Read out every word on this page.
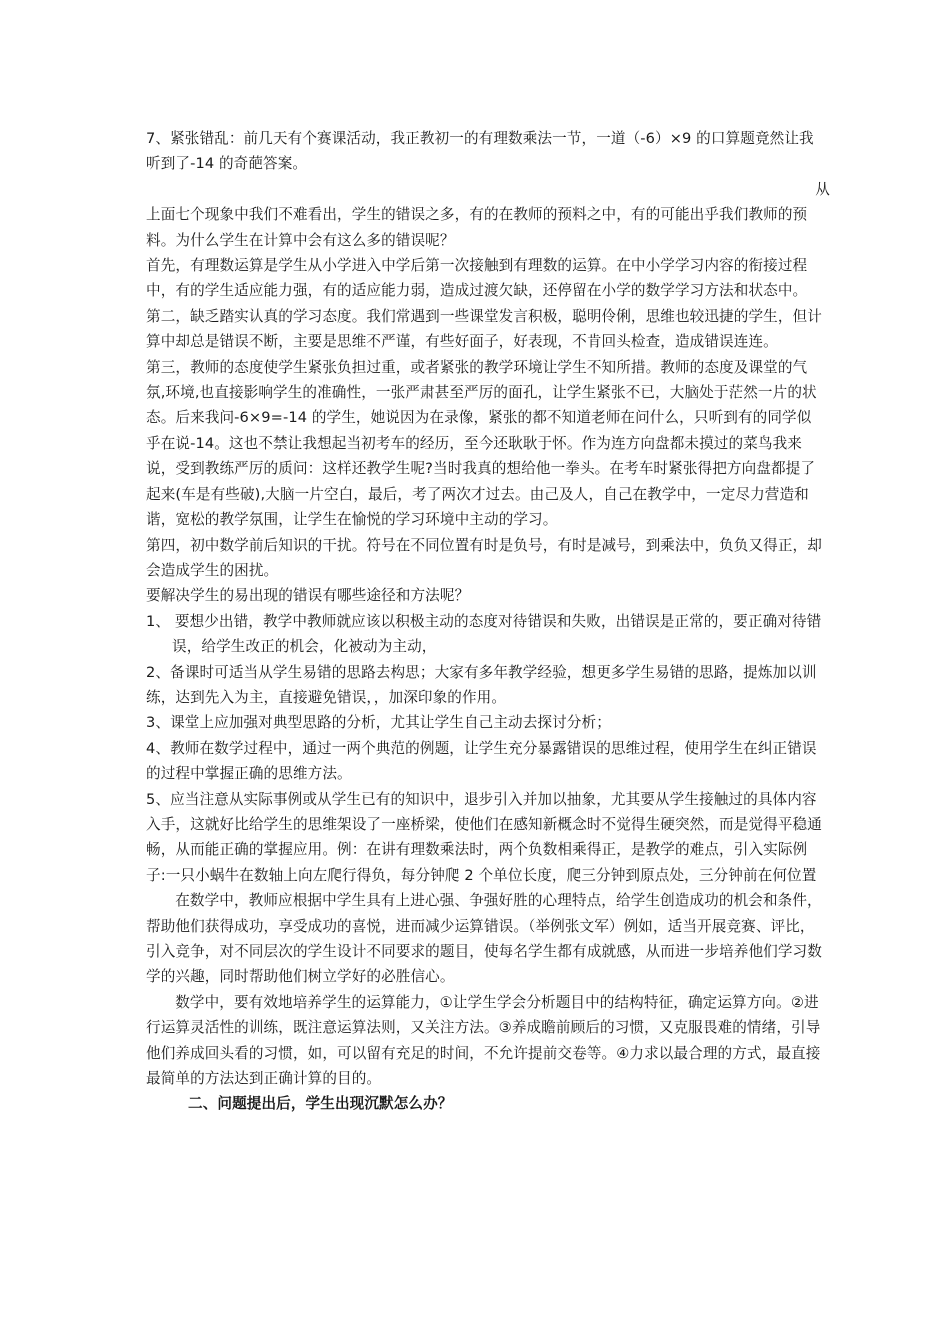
7、紧张错乱：前几天有个赛课活动，我正教初一的有理数乘法一节，一道（-6）×9 的口算题竟然让我听到了-14 的奇葩答案。

从

上面七个现象中我们不难看出，学生的错误之多，有的在教师的预料之中，有的可能出乎我们教师的预料。为什么学生在计算中会有这么多的错误呢？

首先，有理数运算是学生从小学进入中学后第一次接触到有理数的运算。在中小学学习内容的衔接过程中，有的学生适应能力强，有的适应能力弱，造成过渡欠缺，还停留在小学的数学学习方法和状态中。

第二，缺乏踏实认真的学习态度。我们常遇到一些课堂发言积极，聪明伶俐，思维也较迅捷的学生，但计算中却总是错误不断，主要是思维不严谨，有些好面子，好表现，不肯回头检查，造成错误连连。

第三，教师的态度使学生紧张负担过重，或者紧张的教学环境让学生不知所措。教师的态度及课堂的气氛,环境,也直接影响学生的准确性，一张严肃甚至严厉的面孔，让学生紧张不已，大脑处于茫然一片的状态。后来我问-6×9=-14 的学生，她说因为在录像，紧张的都不知道老师在问什么，只听到有的同学似乎在说-14。这也不禁让我想起当初考车的经历，至今还耿耿于怀。作为连方向盘都未摸过的菜鸟我来说，受到教练严厉的质问：这样还教学生呢?当时我真的想给他一拳头。在考车时紧张得把方向盘都提了起来(车是有些破),大脑一片空白，最后，考了两次才过去。由己及人，自己在教学中，一定尽力营造和谐，宽松的教学氛围，让学生在愉悦的学习环境中主动的学习。

第四，初中数学前后知识的干扰。符号在不同位置有时是负号，有时是减号，到乘法中，负负又得正，却会造成学生的困扰。

要解决学生的易出现的错误有哪些途径和方法呢？

1、 要想少出错，教学中教师就应该以积极主动的态度对待错误和失败，出错误是正常的，要正确对待错误，给学生改正的机会，化被动为主动，

2、备课时可适当从学生易错的思路去构思；大家有多年教学经验，想更多学生易错的思路，提炼加以训练，达到先入为主，直接避免错误，，加深印象的作用。

3、课堂上应加强对典型思路的分析，尤其让学生自己主动去探讨分析；

4、教师在数学过程中，通过一两个典范的例题，让学生充分暴露错误的思维过程，使用学生在纠正错误的过程中掌握正确的思维方法。

5、应当注意从实际事例或从学生已有的知识中，退步引入并加以抽象，尤其要从学生接触过的具体内容入手，这就好比给学生的思维架设了一座桥梁，使他们在感知新概念时不觉得生硬突然，而是觉得平稳通畅，从而能正确的掌握应用。例：在讲有理数乘法时，两个负数相乘得正，是教学的难点，引入实际例子:一只小蜗牛在数轴上向左爬行得负，每分钟爬 2 个单位长度，爬三分钟到原点处，三分钟前在何位置

在数学中，教师应根据中学生具有上进心强、争强好胜的心理特点，给学生创造成功的机会和条件，帮助他们获得成功，享受成功的喜悦，进而减少运算错误。（举例张文军）例如，适当开展竞赛、评比，引入竞争，对不同层次的学生设计不同要求的题目，使每名学生都有成就感，从而进一步培养他们学习数学的兴趣，同时帮助他们树立学好的必胜信心。

数学中，要有效地培养学生的运算能力，①让学生学会分析题目中的结构特征，确定运算方向。②进行运算灵活性的训练，既注意运算法则，又关注方法。③养成瞻前顾后的习惯，又克服畏难的情绪，引导他们养成回头看的习惯，如，可以留有充足的时间，不允许提前交卷等。④力求以最合理的方式，最直接最简单的方法达到正确计算的目的。

二、问题提出后，学生出现沉默怎么办？
